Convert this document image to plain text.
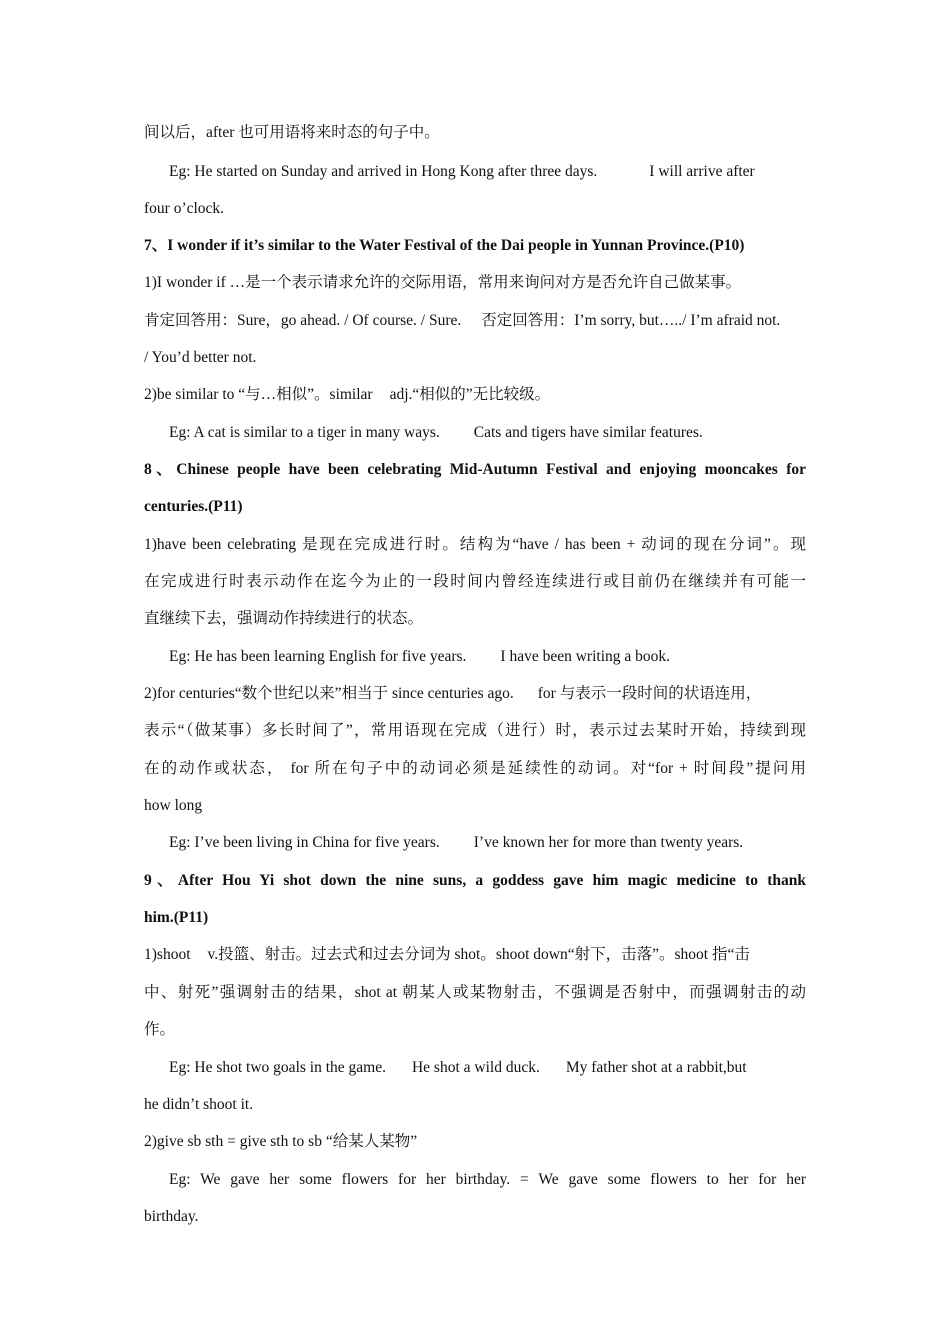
间以后，after 也可用语将来时态的句子中。
Eg: He started on Sunday and arrived in Hong Kong after three days.	I will arrive after
four o’clock.
7、I wonder if it’s similar to the Water Festival of the Dai people in Yunnan Province.(P10)
1)I wonder if …是一个表示请求允许的交际用语，常用来询问对方是否允许自己做某事。
肯定回答用：Sure，go ahead. / Of course. / Sure. 否定回答用：I’m sorry, but…../ I’m afraid not.
/ You’d better not.
2)be similar to “与…相似”。similar adj.“相似的”无比较级。
Eg: A cat is similar to a tiger in many ways. Cats and tigers have similar features.
8、Chinese people have been celebrating Mid-Autumn Festival and enjoying mooncakes for
centuries.(P11)
1)have been celebrating 是现在完成进行时。结构为“have / has been + 动词的现在分词”。现
在完成进行时表示动作在迄今为止的一段时间内曾经连续进行或目前仍在继续并有可能一
直继续下去，强调动作持续进行的状态。
Eg: He has been learning English for five years. I have been writing a book.
2)for centuries“数个世纪以来”相当于 since centuries ago. for 与表示一段时间的状语连用，
表示“（做某事）多长时间了”，常用语现在完成（进行）时，表示过去某时开始，持续到现
在的动作或状态， for 所在句子中的动词必须是延续性的动词。对“for + 时间段”提问用
how long
Eg: I’ve been living in China for five years. I’ve known her for more than twenty years.
9、After Hou Yi shot down the nine suns, a goddess gave him magic medicine to thank
him.(P11)
1)shoot v.投篮、射击。过去式和过去分词为 shot。shoot down“射下，击落”。shoot 指“击
中、射死”强调射击的结果，shot at 朝某人或某物射击，不强调是否射中，而强调射击的动
作。
Eg: He shot two goals in the game. He shot a wild duck. My father shot at a rabbit,but
he didn’t shoot it.
2)give sb sth = give sth to sb “给某人某物”
Eg: We gave her some flowers for her birthday. = We gave some flowers to her for her
birthday.
